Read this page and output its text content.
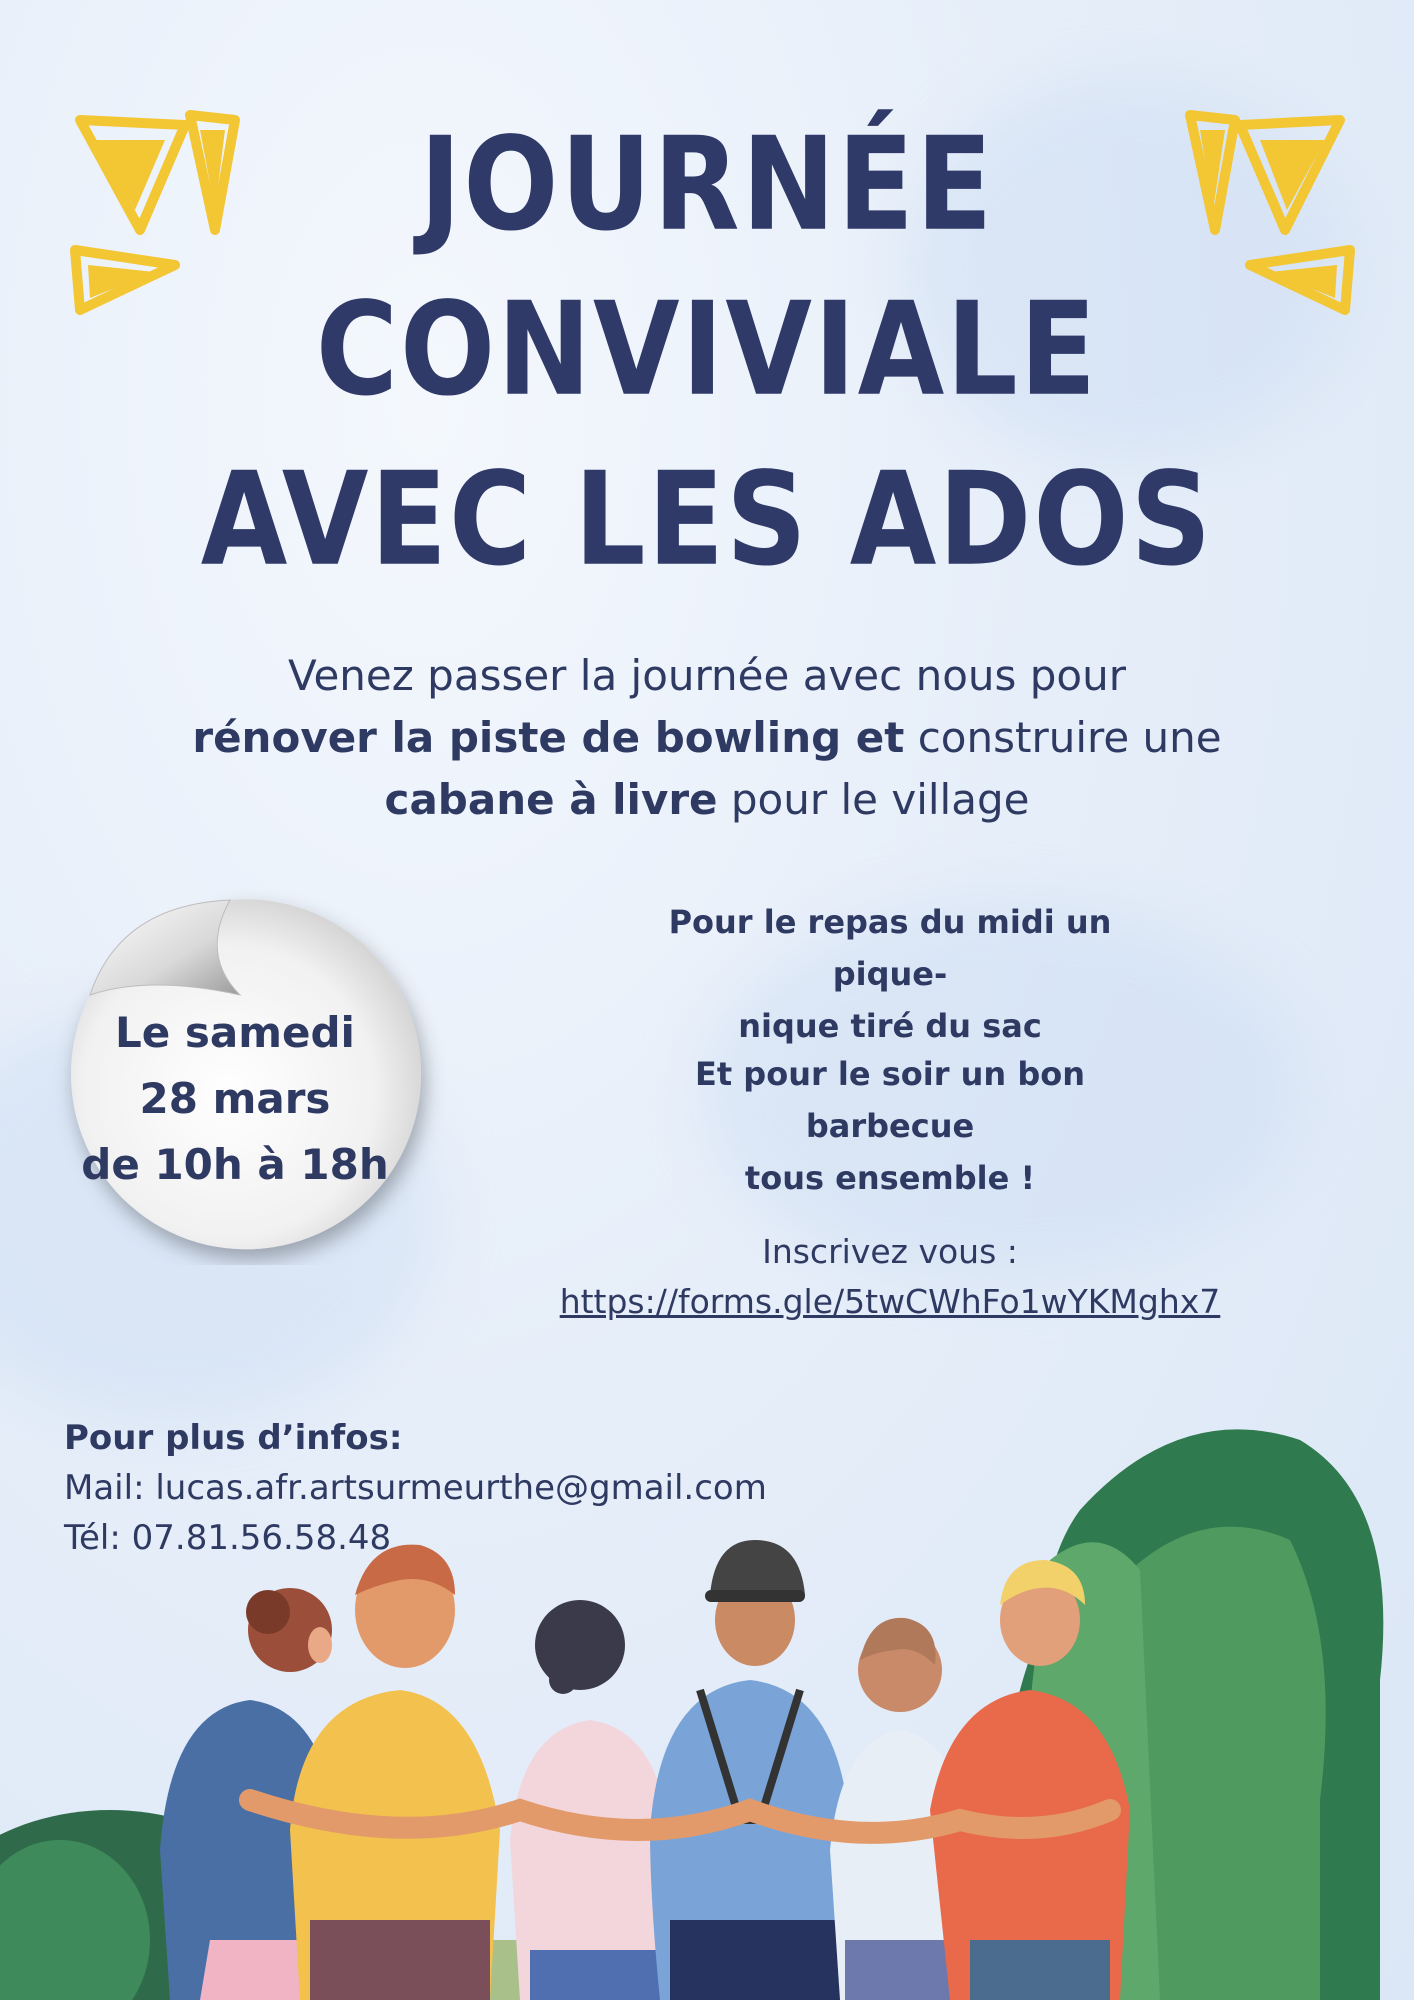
JOURNÉE
CONVIVIALE
AVEC LES ADOS
Venez passer la journée avec nous pour
rénover la piste de bowling et construire une
cabane à livre pour le village
Le samedi
28 mars
de 10h à 18h
Pour le repas du midi un pique-
nique tiré du sac
Et pour le soir un bon barbecue
tous ensemble !
Inscrivez vous :
https://forms.gle/5twCWhFo1wYKMghx7
Pour plus d’infos:
Mail: lucas.afr.artsurmeurthe@gmail.com
Tél: 07.81.56.58.48
